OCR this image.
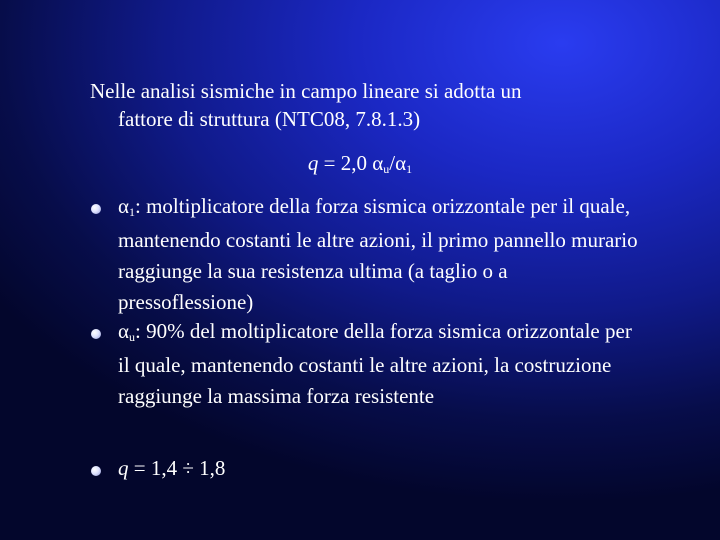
Nelle analisi sismiche in campo lineare si adotta un
fattore di struttura (NTC08, 7.8.1.3)
q = 2,0 αu/α1
α1: moltiplicatore della forza sismica orizzontale per il quale, mantenendo costanti le altre azioni, il primo pannello murario raggiunge la sua resistenza ultima (a taglio o a pressoflessione)
αu: 90% del moltiplicatore della forza sismica orizzontale per il quale, mantenendo costanti le altre azioni, la costruzione raggiunge la massima forza resistente
q = 1,4 ÷ 1,8
